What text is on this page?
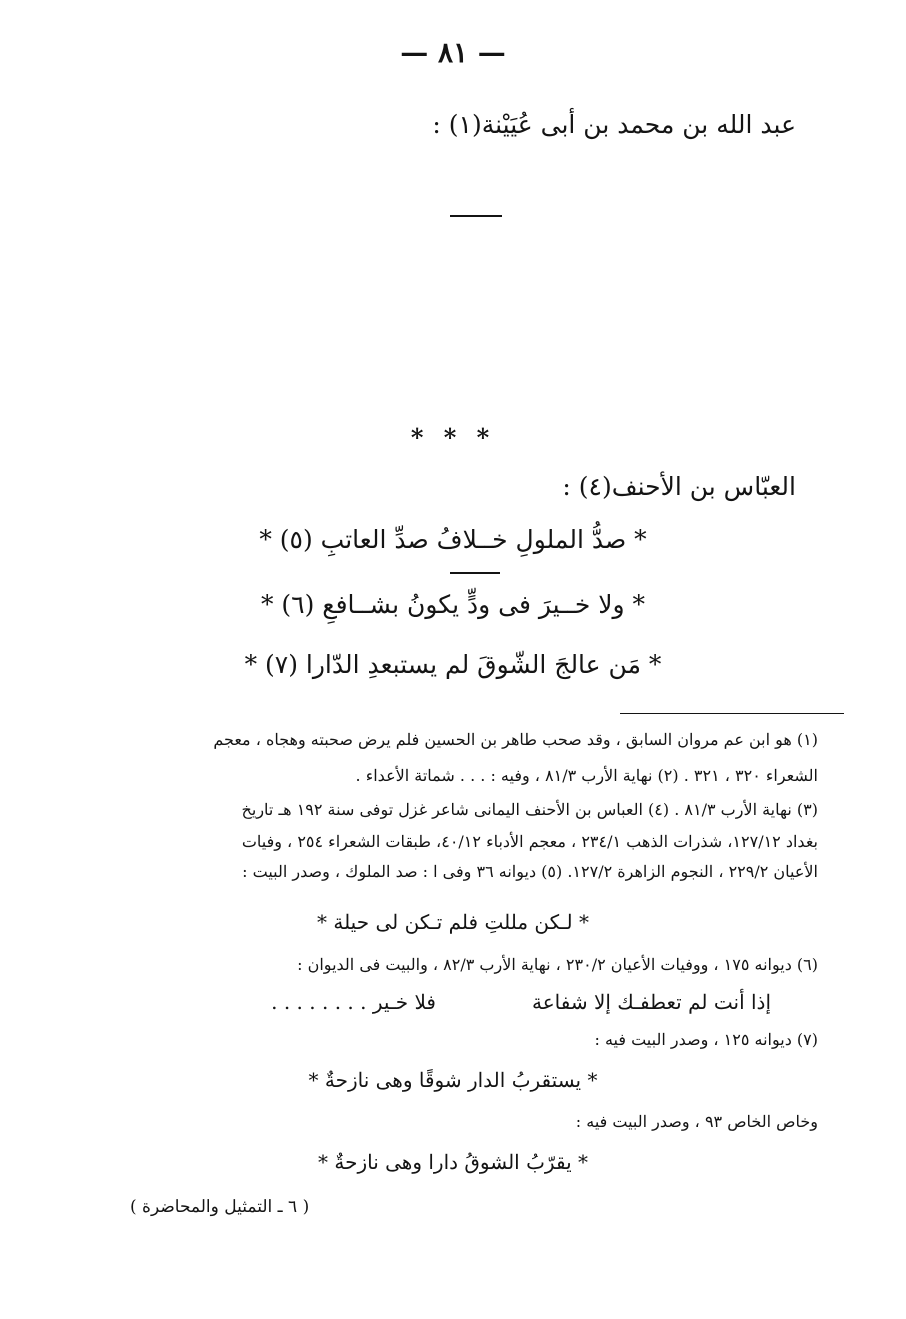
— ٨١ —
عبد الله بن محمد بن أبى عُيَيْنة(١) :
* * *
العبّاس بن الأحنف(٤) :
* صدُّ الملولِ خــلافُ صدِّ العاتبِ (٥) *
* ولا خــيرَ فى ودٍّ يكونُ بشــافعِ (٦) *
* مَن عالجَ الشّوقَ لم يستبعدِ الدّارا (٧) *
(١) هو ابن عم مروان السابق ، وقد صحب طاهر بن الحسين فلم يرض صحبته وهجاه ، معجم
الشعراء ٣٢٠ ، ٣٢١ . (٢) نهاية الأرب ٨١/٣ ، وفيه : . . . شماتة الأعداء .
(٣) نهاية الأرب ٨١/٣ . (٤) العباس بن الأحنف اليمانى شاعر غزل توفى سنة ١٩٢ هـ تاريخ
بغداد ١٢٧/١٢، شذرات الذهب ٢٣٤/١ ، معجم الأدباء ٤٠/١٢، طبقات الشعراء ٢٥٤ ، وفيات
الأعيان ٢٢٩/٢ ، النجوم الزاهرة ١٢٧/٢. (٥) ديوانه ٣٦ وفى ا : صد الملوك ، وصدر البيت :
* لـكن مللتِ فلم تـكن لى حيلة *
(٦) ديوانه ١٧٥ ، ووفيات الأعيان ٢٣٠/٢ ، نهاية الأرب ٨٢/٣ ، والبيت فى الديوان :
إذا أنت لم تعطفـك إلا شفاعة
فلا خـير . . . . . . . .
(٧) ديوانه ١٢٥ ، وصدر البيت فيه :
* يستقربُ الدار شوقًا وهى نازحةٌ *
وخاص الخاص ٩٣ ، وصدر البيت فيه :
* يقرّبُ الشوقُ دارا وهى نازحةٌ *
( ٦ ـ التمثيل والمحاضرة )
